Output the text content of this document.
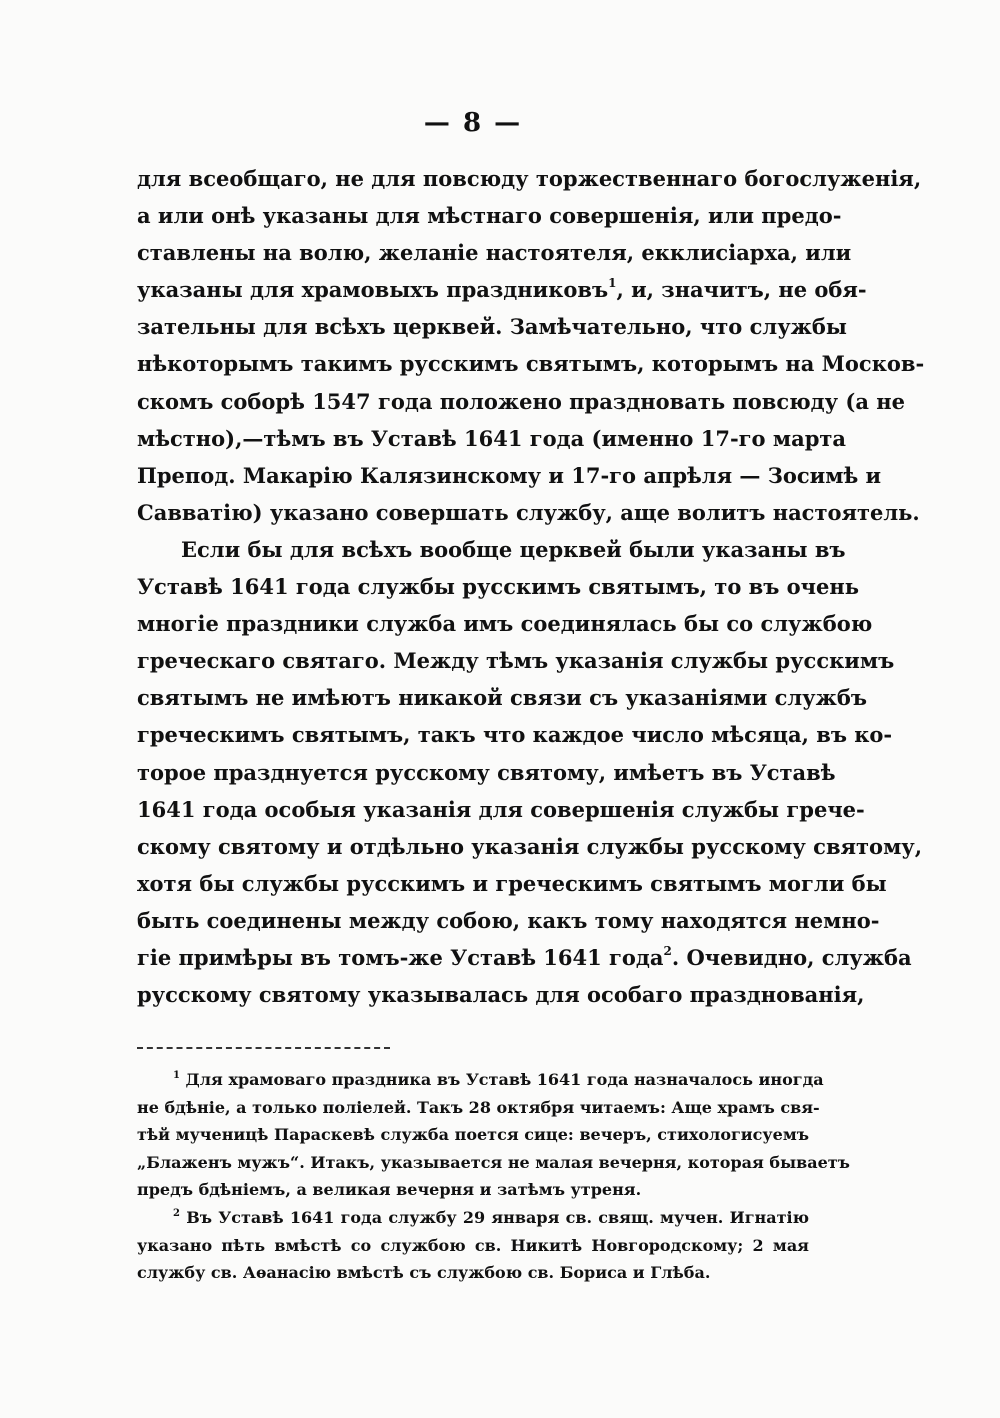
— 8 —
для всеобщаго, не для повсюду торжественнаго богослуженія,
а или онѣ указаны для мѣстнаго совершенія, или предо-
ставлены на волю, желаніе настоятеля, екклисіарха, или
указаны для храмовыхъ праздниковъ$^1$, и, значитъ, не обя-
зательны для всѣхъ церквей. Замѣчательно, что службы
нѣкоторымъ такимъ русскимъ святымъ, которымъ на Москов-
скомъ соборѣ 1547 года положено праздновать повсюду (а не
мѣстно),—тѣмъ въ Уставѣ 1641 года (именно 17-го марта
Препод. Макарію Калязинскому и 17-го апрѣля — Зосимѣ и
Савватію) указано совершать службу, аще волитъ настоятель.
Если бы для всѣхъ вообще церквей были указаны въ
Уставѣ 1641 года службы русскимъ святымъ, то въ очень
многіе праздники служба имъ соединялась бы со службою
греческаго святаго. Между тѣмъ указанія службы русскимъ
святымъ не имѣютъ никакой связи съ указаніями службъ
греческимъ святымъ, такъ что каждое число мѣсяца, въ ко-
торое празднуется русскому святому, имѣетъ въ Уставѣ
1641 года особыя указанія для совершенія службы грече-
скому святому и отдѣльно указанія службы русскому святому,
хотя бы службы русскимъ и греческимъ святымъ могли бы
быть соединены между собою, какъ тому находятся немно-
гіе примѣры въ томъ-же Уставѣ 1641 года$^2$. Очевидно, служба
русскому святому указывалась для особаго празднованія,
$^1$ Для храмоваго праздника въ Уставѣ 1641 года назначалось иногда
не бдѣніе, а только полiелей. Такъ 28 октября читаемъ: Аще храмъ свя-
тѣй мученицѣ Параскевѣ служба поется сице: вечеръ, стихологисуемъ
„Блаженъ мужъ“. Итакъ, указывается не малая вечерня, которая бываетъ
предъ бдѣніемъ, а великая вечерня и затѣмъ утреня.
$^2$ Въ Уставѣ 1641 года службу 29 января св. свящ. мучен. Игнатію
указано пѣть вмѣстѣ со службою св. Никитѣ Новгородскому; 2 мая
службу св. Аѳанасію вмѣстѣ съ службою св. Бориса и Глѣба.
